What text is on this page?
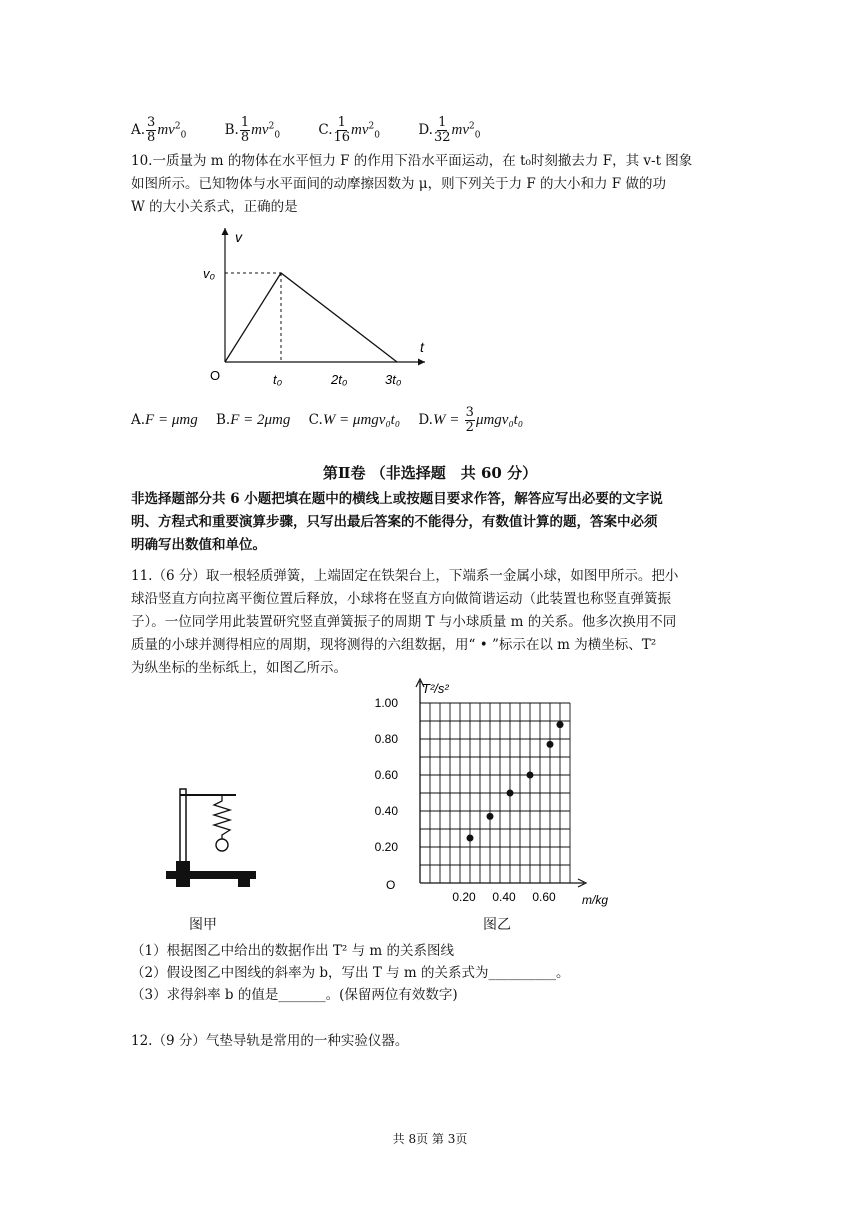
A. $\frac{3}{8} mv^2_0$	B. $\frac{1}{8} mv^2_0$	C. $\frac{1}{16} mv^2_0$	D. $\frac{1}{32} mv^2_0$
10.一质量为 m 的物体在水平恒力 F 的作用下沿水平面运动，在 t₀时刻撤去力 F，其 v-t 图象
如图所示。已知物体与水平面间的动摩擦因数为 μ，则下列关于力 F 的大小和力 F 做的功
W 的大小关系式，正确的是
v
t
O
v₀
t₀	2t₀	3t₀
A.F = μmg B.F = 2μmg C.W = μmgv₀t₀ $D.W = \frac{3}{2} \mu mgv_0t_0$
第Ⅱ卷 （非选择题　共 60 分）
非选择题部分共 6 小题把填在题中的横线上或按题目要求作答，解答应写出必要的文字说
明、方程式和重要演算步骤，只写出最后答案的不能得分，有数值计算的题，答案中必须
明确写出数值和单位。
11.（6 分）取一根轻质弹簧，上端固定在铁架台上，下端系一金属小球，如图甲所示。把小
球沿竖直方向拉离平衡位置后释放，小球将在竖直方向做简谐运动（此装置也称竖直弹簧振
子）。一位同学用此装置研究竖直弹簧振子的周期 T 与小球质量 m 的关系。他多次换用不同
质量的小球并测得相应的周期，现将测得的六组数据，用“ • ”标示在以 m 为横坐标、T²
为纵坐标的坐标纸上，如图乙所示。
图甲
0.20
0.40
0.60
0.80
1.00
0.20 0.40 0.60
O
T²/s²
m/kg
图乙
（1）根据图乙中给出的数据作出 T² 与 m 的关系图线
（2）假设图乙中图线的斜率为 b，写出 T 与 m 的关系式为__________。
（3）求得斜率 b 的值是_______。(保留两位有效数字)
12.（9 分）气垫导轨是常用的一种实验仪器。
共 8页 第 3页
